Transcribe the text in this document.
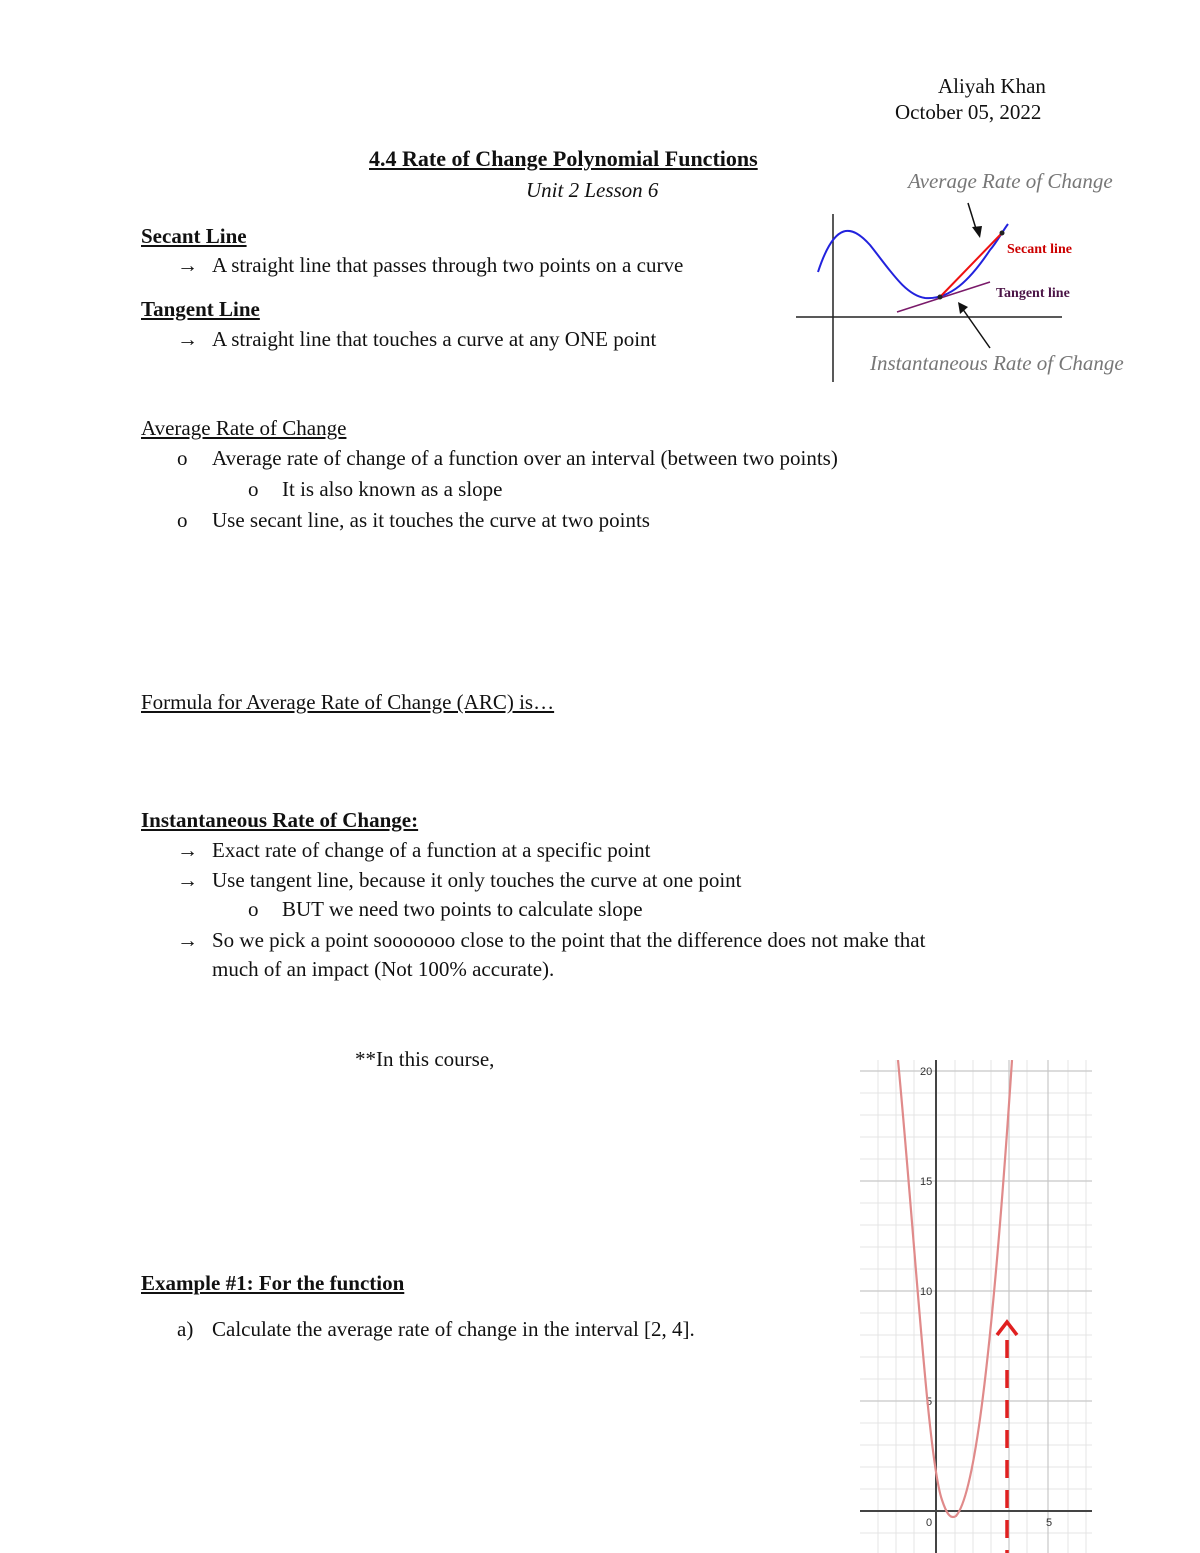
Aliyah Khan
October 05, 2022
4.4 Rate of Change Polynomial Functions
Unit 2 Lesson 6
Secant Line
→ A straight line that passes through two points on a curve
Tangent Line
→ A straight line that touches a curve at any ONE point
Average Rate of Change
Instantaneous Rate of Change
Secant line
Tangent line
Average Rate of Change
o Average rate of change of a function over an interval (between two points)
o It is also known as a slope
o Use secant line, as it touches the curve at two points
Formula for Average Rate of Change (ARC) is…
Instantaneous Rate of Change:
→ Exact rate of change of a function at a specific point
→ Use tangent line, because it only touches the curve at one point
o BUT we need two points to calculate slope
→ So we pick a point sooooooo close to the point that the difference does not make that
much of an impact (Not 100% accurate).
**In this course,
Example #1: For the function
a) Calculate the average rate of change in the interval [2, 4].
20
15
10
5
0	5
